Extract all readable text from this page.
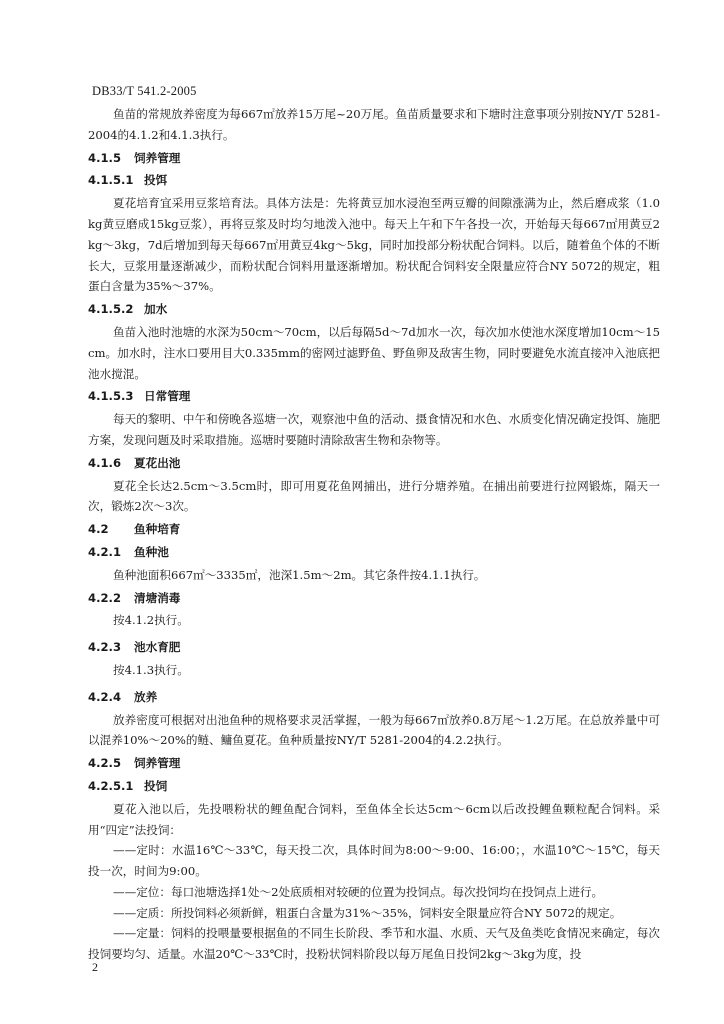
DB33/T 541.2-2005

鱼苗的常规放养密度为每667㎡放养15万尾~20万尾。鱼苗质量要求和下塘时注意事项分别按NY/T 5281-2004的4.1.2和4.1.3执行。

4.1.5 饲养管理
4.1.5.1 投饵

夏花培育宜采用豆浆培育法。具体方法是：先将黄豆加水浸泡至两豆瓣的间隙涨满为止，然后磨成浆（1.0kg黄豆磨成15kg豆浆），再将豆浆及时均匀地泼入池中。每天上午和下午各投一次，开始每天每667㎡用黄豆2kg～3kg，7d后增加到每天每667㎡用黄豆4kg～5kg，同时加投部分粉状配合饲料。以后，随着鱼个体的不断长大，豆浆用量逐渐减少，而粉状配合饲料用量逐渐增加。粉状配合饲料安全限量应符合NY 5072的规定，粗蛋白含量为35%～37%。

4.1.5.2 加水

鱼苗入池时池塘的水深为50cm～70cm，以后每隔5d～7d加水一次，每次加水使池水深度增加10cm～15cm。加水时，注水口要用目大0.335mm的密网过滤野鱼、野鱼卵及敌害生物，同时要避免水流直接冲入池底把池水搅混。

4.1.5.3 日常管理

每天的黎明、中午和傍晚各巡塘一次，观察池中鱼的活动、摄食情况和水色、水质变化情况确定投饵、施肥方案，发现问题及时采取措施。巡塘时要随时清除敌害生物和杂物等。

4.1.6 夏花出池

夏花全长达2.5cm～3.5cm时，即可用夏花鱼网捕出，进行分塘养殖。在捕出前要进行拉网锻炼，隔天一次，锻炼2次～3次。

4.2 鱼种培育
4.2.1 鱼种池

鱼种池面积667㎡～3335㎡，池深1.5m～2m。其它条件按4.1.1执行。

4.2.2 清塘消毒

按4.1.2执行。

4.2.3 池水育肥

按4.1.3执行。

4.2.4 放养

放养密度可根据对出池鱼种的规格要求灵活掌握，一般为每667㎡放养0.8万尾～1.2万尾。在总放养量中可以混养10%～20%的鲢、鳙鱼夏花。鱼种质量按NY/T 5281-2004的4.2.2执行。

4.2.5 饲养管理
4.2.5.1 投饲

夏花入池以后，先投喂粉状的鲤鱼配合饲料，至鱼体全长达5cm～6cm以后改投鲤鱼颗粒配合饲料。采用“四定”法投饲：

——定时：水温16℃～33℃，每天投二次，具体时间为8:00～9:00、16:00；，水温10℃～15℃，每天投一次，时间为9:00。

——定位：每口池塘选择1处～2处底质相对较硬的位置为投饲点。每次投饲均在投饲点上进行。

——定质：所投饲料必须新鲜，粗蛋白含量为31%～35%，饲料安全限量应符合NY 5072的规定。

——定量：饲料的投喂量要根据鱼的不同生长阶段、季节和水温、水质、天气及鱼类吃食情况来确定，每次投饲要均匀、适量。水温20℃～33℃时，投粉状饲料阶段以每万尾鱼日投饲2kg～3kg为度，投

2
